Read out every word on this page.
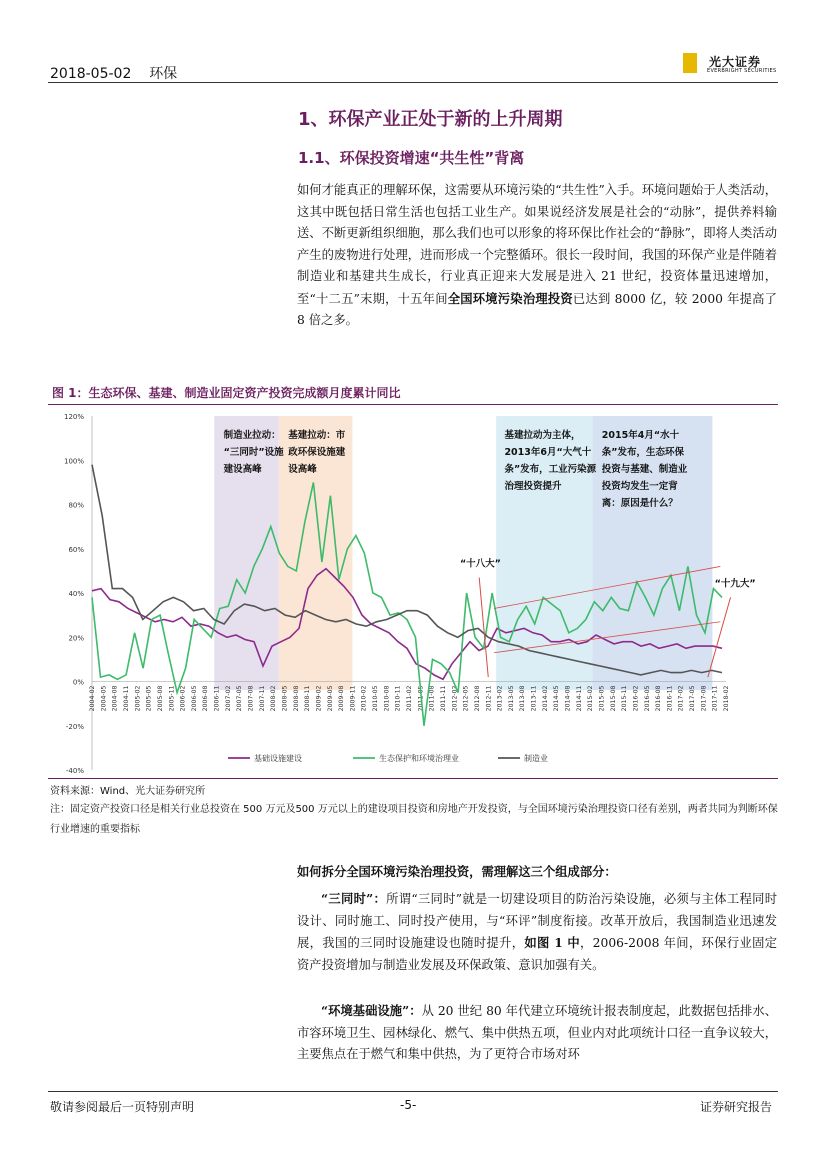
2018-05-02 环保
光大证券
EVERBRIGHT SECURITIES
1、环保产业正处于新的上升周期
1.1、环保投资增速“共生性”背离
如何才能真正的理解环保，这需要从环境污染的“共生性”入手。环境问题始于人类活动，这其中既包括日常生活也包括工业生产。如果说经济发展是社会的“动脉”，提供养料输送、不断更新组织细胞，那么我们也可以形象的将环保比作社会的“静脉”，即将人类活动产生的废物进行处理，进而形成一个完整循环。很长一段时间，我国的环保产业是伴随着制造业和基建共生成长，行业真正迎来大发展是进入 21 世纪，投资体量迅速增加，至“十二五”末期，十五年间全国环境污染治理投资已达到 8000 亿，较 2000 年提高了 8 倍之多。
图 1：生态环保、基建、制造业固定资产投资完成额月度累计同比
120%
100%
80%
60%
40%
20%
0%
-20%
-40%
2004-02 2004-05 2004-08 2004-11 2005-02 2005-05 2005-08 2005-11 2006-02 2006-05 2006-08 2006-11 2007-02 2007-05 2007-08 2007-11 2008-02 2008-05 2008-08 2008-11 2009-02 2009-05 2009-08 2009-11 2010-02 2010-05 2010-08 2010-11 2011-02 2011-05 2011-08 2011-11 2012-02 2012-05 2012-08 2012-11 2013-02 2013-05 2013-08 2013-11 2014-02 2014-05 2014-08 2014-11 2015-02 2015-05 2015-08 2015-11 2016-02 2016-05 2016-08 2016-11 2017-02 2017-05 2017-08 2017-11 2018-02
制造业拉动：
“三同时”设施
建设高峰
基建拉动：市
政环保设施建
设高峰
基建拉动为主体，
2013年6月“大气十
条”发布，工业污染源
治理投资提升
2015年4月“水十
条”发布，生态环保
投资与基建、制造业
投资均发生一定背
离：原因是什么？
“十八大”
“十九大”
基础设施建设	生态保护和环境治理业	制造业
资料来源：Wind、光大证券研究所
注：固定资产投资口径是相关行业总投资在 500 万元及500 万元以上的建设项目投资和房地产开发投资，与全国环境污染治理投资口径有差别，两者共同为判断环保行业增速的重要指标
如何拆分全国环境污染治理投资，需理解这三个组成部分：
“三同时”：所谓“三同时”就是一切建设项目的防治污染设施，必须与主体工程同时设计、同时施工、同时投产使用，与“环评”制度衔接。改革开放后，我国制造业迅速发展，我国的三同时设施建设也随时提升，如图 1 中，2006-2008 年间，环保行业固定资产投资增加与制造业发展及环保政策、意识加强有关。
“环境基础设施”：从 20 世纪 80 年代建立环境统计报表制度起，此数据包括排水、市容环境卫生、园林绿化、燃气、集中供热五项，但业内对此项统计口径一直争议较大，主要焦点在于燃气和集中供热，为了更符合市场对环
敬请参阅最后一页特别声明	-5-	证券研究报告
